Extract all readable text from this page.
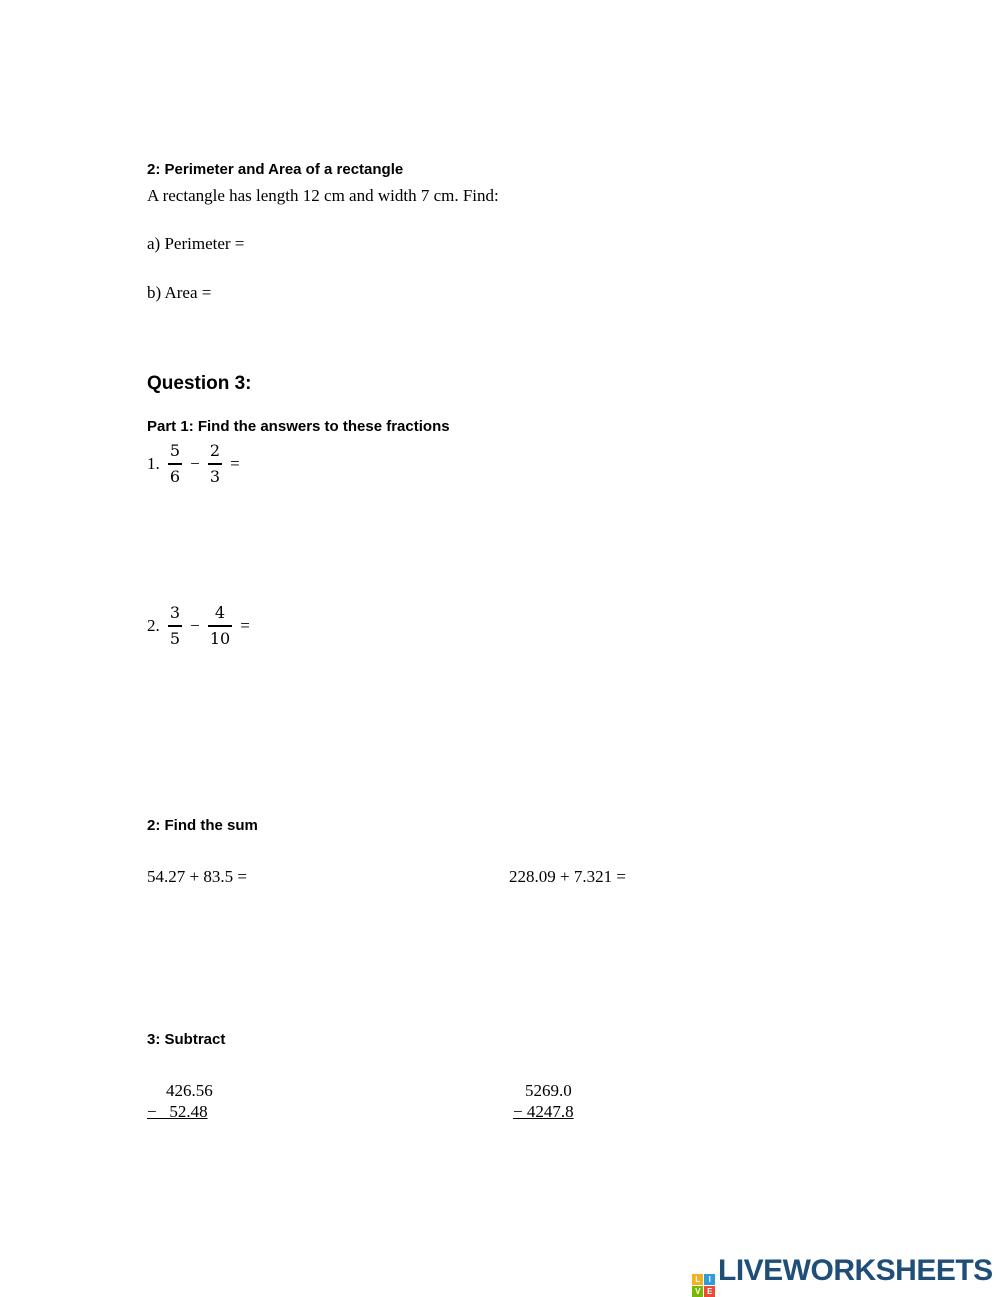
2: Perimeter and Area of a rectangle
A rectangle has length 12 cm and width 7 cm. Find:
a) Perimeter =
b) Area =
Question 3:
Part 1: Find the answers to these fractions
1. $\frac{5}{6} - \frac{2}{3}$ =
2. $\frac{3}{5} - \frac{4}{10}$ =
2: Find the sum
54.27 + 83.5 =	228.09 + 7.321 =
3: Subtract
426.56
−   52.48
5269.0
− 4247.8
L	I
V E
LIVEWORKSHEETS
